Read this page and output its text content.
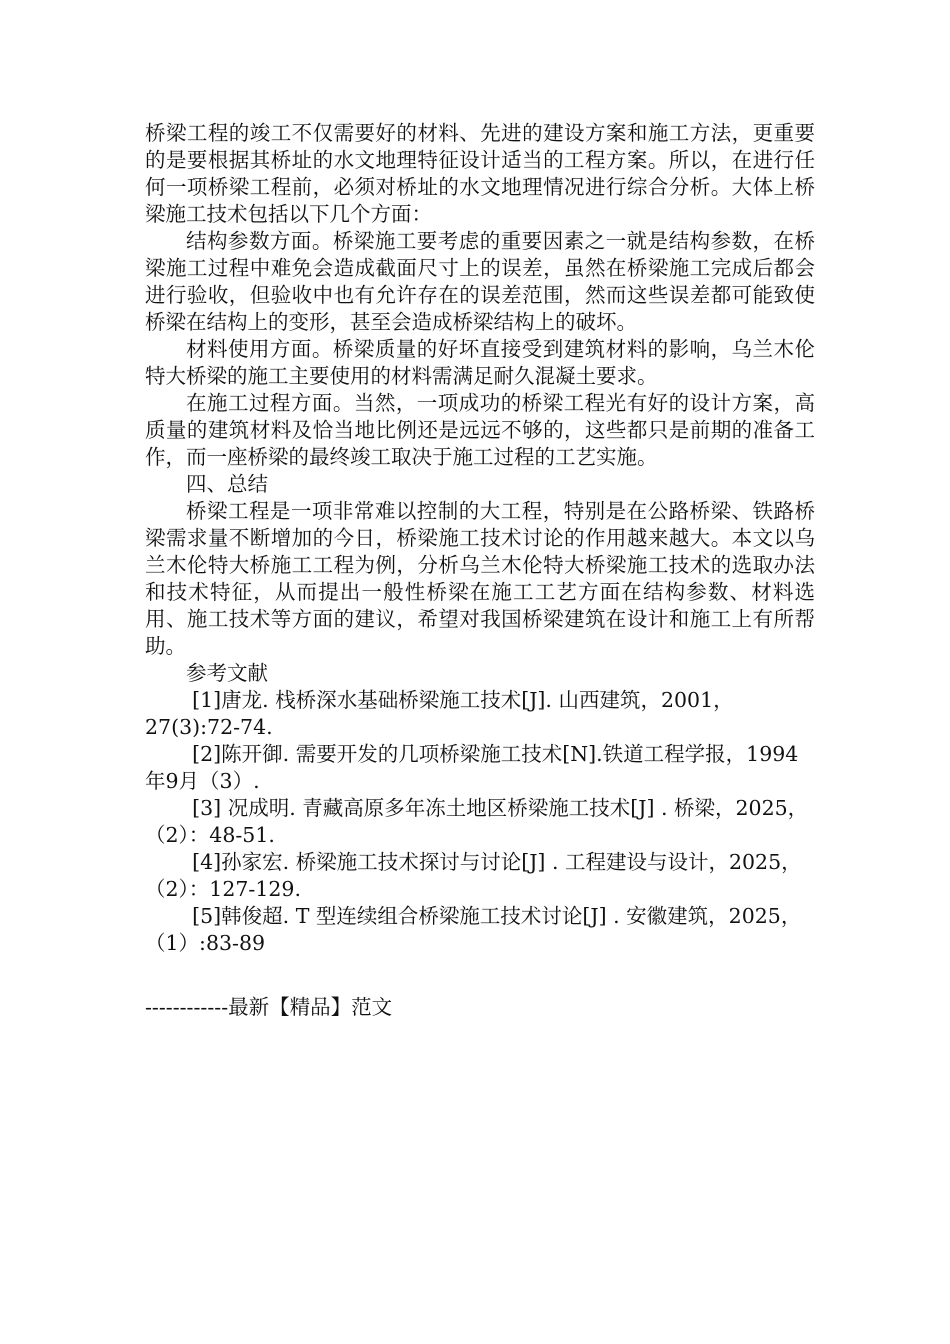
桥梁工程的竣工不仅需要好的材料、先进的建设方案和施工方法，更重要的是要根据其桥址的水文地理特征设计适当的工程方案。所以，在进行任何一项桥梁工程前，必须对桥址的水文地理情况进行综合分析。大体上桥梁施工技术包括以下几个方面：

结构参数方面。桥梁施工要考虑的重要因素之一就是结构参数，在桥梁施工过程中难免会造成截面尺寸上的误差，虽然在桥梁施工完成后都会进行验收，但验收中也有允许存在的误差范围，然而这些误差都可能致使桥梁在结构上的变形，甚至会造成桥梁结构上的破坏。

材料使用方面。桥梁质量的好坏直接受到建筑材料的影响，乌兰木伦特大桥梁的施工主要使用的材料需满足耐久混凝土要求。

在施工过程方面。当然，一项成功的桥梁工程光有好的设计方案，高质量的建筑材料及恰当地比例还是远远不够的，这些都只是前期的准备工作，而一座桥梁的最终竣工取决于施工过程的工艺实施。

四、总结

桥梁工程是一项非常难以控制的大工程，特别是在公路桥梁、铁路桥梁需求量不断增加的今日，桥梁施工技术讨论的作用越来越大。本文以乌兰木伦特大桥施工工程为例，分析乌兰木伦特大桥梁施工技术的选取办法和技术特征，从而提出一般性桥梁在施工工艺方面在结构参数、材料选用、施工技术等方面的建议，希望对我国桥梁建筑在设计和施工上有所帮助。

参考文献

[1]唐龙. 栈桥深水基础桥梁施工技术[J]. 山西建筑，2001，27(3):72-74.

[2]陈开御. 需要开发的几项桥梁施工技术[N].铁道工程学报，1994年9月（3）.

[3] 况成明. 青藏高原多年冻土地区桥梁施工技术[J] . 桥梁，2025，（2）：48-51.

[4]孙家宏. 桥梁施工技术探讨与讨论[J] . 工程建设与设计，2025，（2）：127-129.

[5]韩俊超. T 型连续组合桥梁施工技术讨论[J] . 安徽建筑，2025，（1）:83-89

------------最新【精品】范文
